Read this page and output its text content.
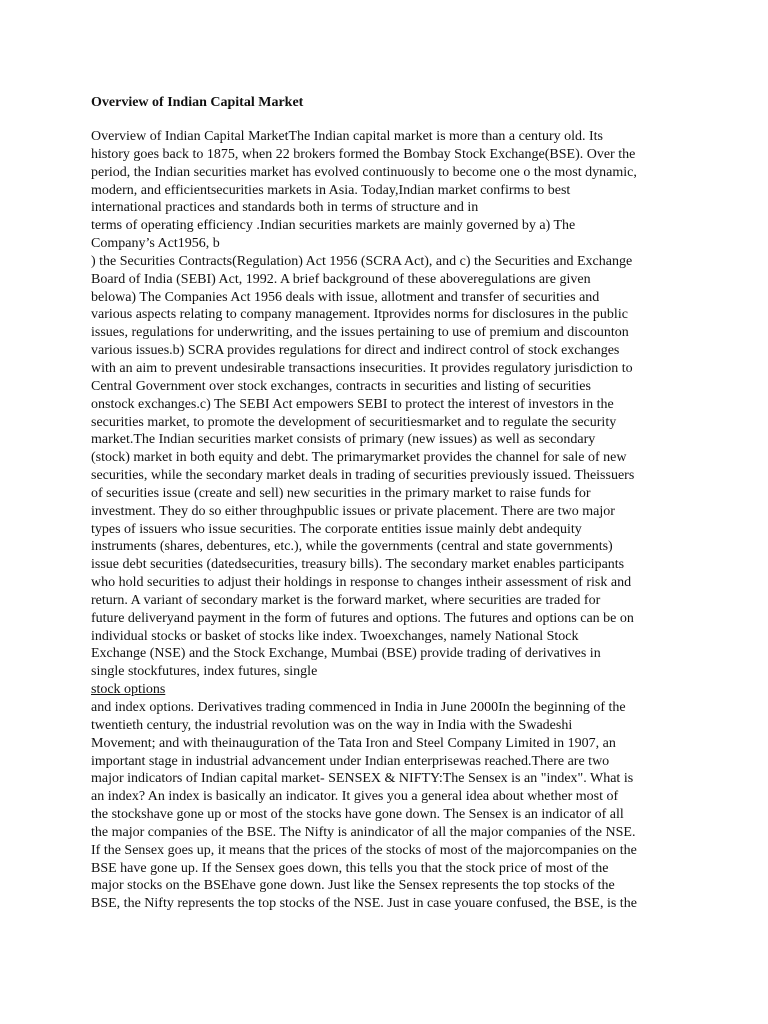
Overview of Indian Capital Market
Overview of Indian Capital MarketThe Indian capital market is more than a century old. Its
history goes back to 1875, when 22 brokers formed the Bombay Stock Exchange(BSE). Over the
period, the Indian securities market has evolved continuously to become one o the most dynamic,
modern, and efficientsecurities markets in Asia. Today,Indian market confirms to best
international practices and standards both in terms of structure and in
terms of operating efficiency .Indian securities markets are mainly governed by a) The
Company’s Act1956, b
) the Securities Contracts(Regulation) Act 1956 (SCRA Act), and c) the Securities and Exchange
Board of India (SEBI) Act, 1992. A brief background of these aboveregulations are given
belowa) The Companies Act 1956 deals with issue, allotment and transfer of securities and
various aspects relating to company management. Itprovides norms for disclosures in the public
issues, regulations for underwriting, and the issues pertaining to use of premium and discounton
various issues.b) SCRA provides regulations for direct and indirect control of stock exchanges
with an aim to prevent undesirable transactions insecurities. It provides regulatory jurisdiction to
Central Government over stock exchanges, contracts in securities and listing of securities
onstock exchanges.c) The SEBI Act empowers SEBI to protect the interest of investors in the
securities market, to promote the development of securitiesmarket and to regulate the security
market.The Indian securities market consists of primary (new issues) as well as secondary
(stock) market in both equity and debt. The primarymarket provides the channel for sale of new
securities, while the secondary market deals in trading of securities previously issued. Theissuers
of securities issue (create and sell) new securities in the primary market to raise funds for
investment. They do so either throughpublic issues or private placement. There are two major
types of issuers who issue securities. The corporate entities issue mainly debt andequity
instruments (shares, debentures, etc.), while the governments (central and state governments)
issue debt securities (datedsecurities, treasury bills). The secondary market enables participants
who hold securities to adjust their holdings in response to changes intheir assessment of risk and
return. A variant of secondary market is the forward market, where securities are traded for
future deliveryand payment in the form of futures and options. The futures and options can be on
individual stocks or basket of stocks like index. Twoexchanges, namely National Stock
Exchange (NSE) and the Stock Exchange, Mumbai (BSE) provide trading of derivatives in
single stockfutures, index futures, single
stock options
and index options. Derivatives trading commenced in India in June 2000In the beginning of the
twentieth century, the industrial revolution was on the way in India with the Swadeshi
Movement; and with theinauguration of the Tata Iron and Steel Company Limited in 1907, an
important stage in industrial advancement under Indian enterprisewas reached.There are two
major indicators of Indian capital market- SENSEX & NIFTY:The Sensex is an "index". What is
an index? An index is basically an indicator. It gives you a general idea about whether most of
the stockshave gone up or most of the stocks have gone down. The Sensex is an indicator of all
the major companies of the BSE. The Nifty is anindicator of all the major companies of the NSE.
If the Sensex goes up, it means that the prices of the stocks of most of the majorcompanies on the
BSE have gone up. If the Sensex goes down, this tells you that the stock price of most of the
major stocks on the BSEhave gone down. Just like the Sensex represents the top stocks of the
BSE, the Nifty represents the top stocks of the NSE. Just in case youare confused, the BSE, is the
